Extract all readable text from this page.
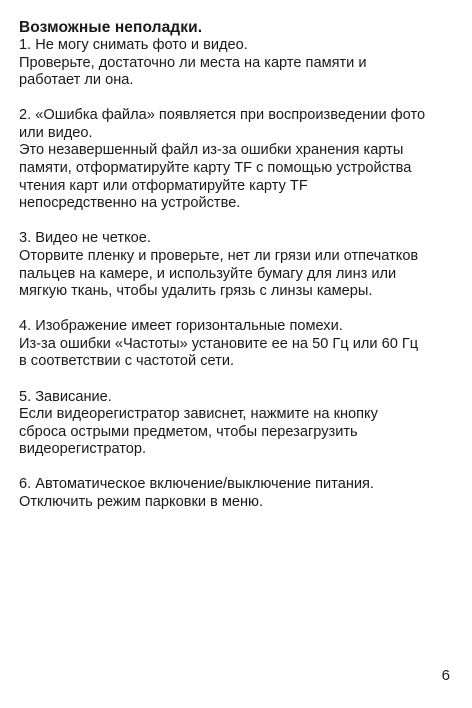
Возможные неполадки.

1. Не могу снимать фото и видео.

Проверьте, достаточно ли места на карте памяти и

работает ли она.

2. «Ошибка файла» появляется при воспроизведении фото

или видео.

Это незавершенный файл из-за ошибки хранения карты

памяти, отформатируйте карту TF с помощью устройства

чтения карт или отформатируйте карту TF

непосредственно на устройстве.

3. Видео не четкое.

Оторвите пленку и проверьте, нет ли грязи или отпечатков

пальцев на камере, и используйте бумагу для линз или

мягкую ткань, чтобы удалить грязь с линзы камеры.

4. Изображение имеет горизонтальные помехи.

Из-за ошибки «Частоты» установите ее на 50 Гц или 60 Гц

в соответствии с частотой сети.

5. Зависание.

Если видеорегистратор зависнет, нажмите на кнопку

сброса острыми предметом, чтобы перезагрузить

видеорегистратор.

6. Автоматическое включение/выключение питания.

Отключить режим парковки в меню.

6
